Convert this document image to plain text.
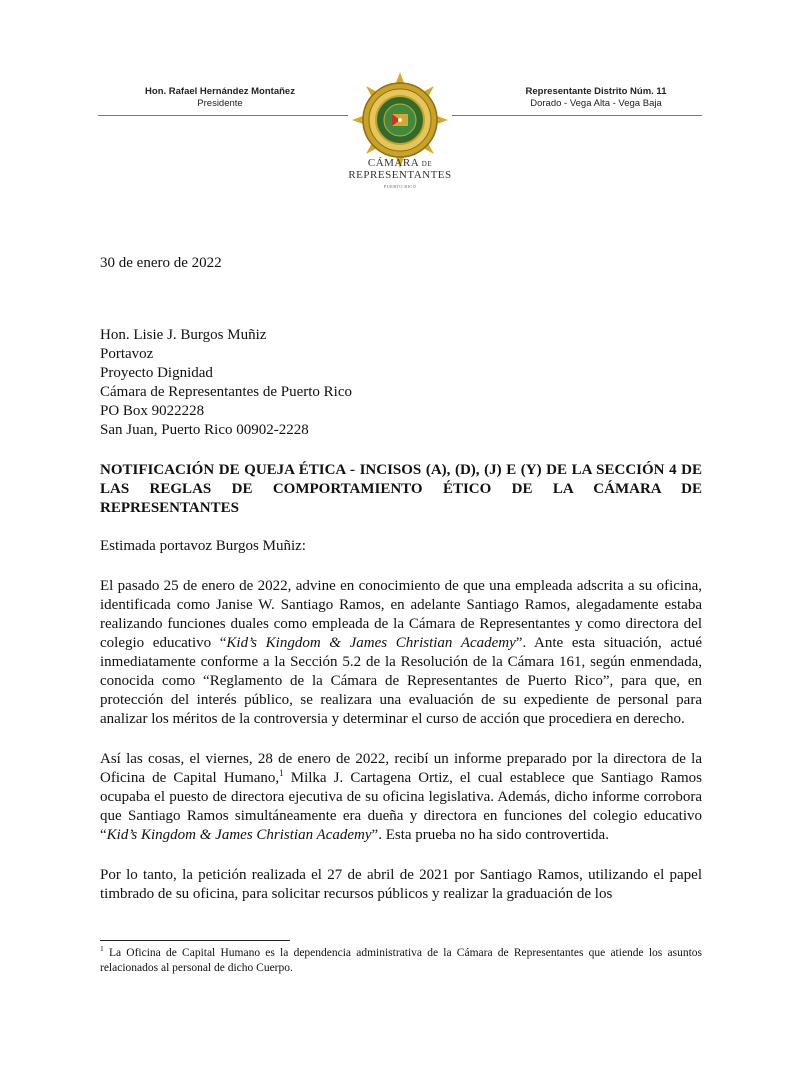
Hon. Rafael Hernández Montañez
Presidente
CÁMARA DE
REPRESENTANTES
PUERTO RICO
Representante Distrito Núm. 11
Dorado - Vega Alta - Vega Baja

30 de enero de 2022

Hon. Lisie J. Burgos Muñiz
Portavoz
Proyecto Dignidad
Cámara de Representantes de Puerto Rico
PO Box 9022228
San Juan, Puerto Rico 00902-2228

NOTIFICACIÓN DE QUEJA ÉTICA - INCISOS (A), (D), (J) E (Y) DE LA SECCIÓN 4 DE LAS REGLAS DE COMPORTAMIENTO ÉTICO DE LA CÁMARA DE REPRESENTANTES

Estimada portavoz Burgos Muñiz:

El pasado 25 de enero de 2022, advine en conocimiento de que una empleada adscrita a su oficina, identificada como Janise W. Santiago Ramos, en adelante Santiago Ramos, alegadamente estaba realizando funciones duales como empleada de la Cámara de Representantes y como directora del colegio educativo “Kid’s Kingdom & James Christian Academy”. Ante esta situación, actué inmediatamente conforme a la Sección 5.2 de la Resolución de la Cámara 161, según enmendada, conocida como “Reglamento de la Cámara de Representantes de Puerto Rico”, para que, en protección del interés público, se realizara una evaluación de su expediente de personal para analizar los méritos de la controversia y determinar el curso de acción que procediera en derecho.

Así las cosas, el viernes, 28 de enero de 2022, recibí un informe preparado por la directora de la Oficina de Capital Humano,$^1$ Milka J. Cartagena Ortiz, el cual establece que Santiago Ramos ocupaba el puesto de directora ejecutiva de su oficina legislativa. Además, dicho informe corrobora que Santiago Ramos simultáneamente era dueña y directora en funciones del colegio educativo “Kid’s Kingdom & James Christian Academy”. Esta prueba no ha sido controvertida.

Por lo tanto, la petición realizada el 27 de abril de 2021 por Santiago Ramos, utilizando el papel timbrado de su oficina, para solicitar recursos públicos y realizar la graduación de los

$^1$ La Oficina de Capital Humano es la dependencia administrativa de la Cámara de Representantes que atiende los asuntos relacionados al personal de dicho Cuerpo.
